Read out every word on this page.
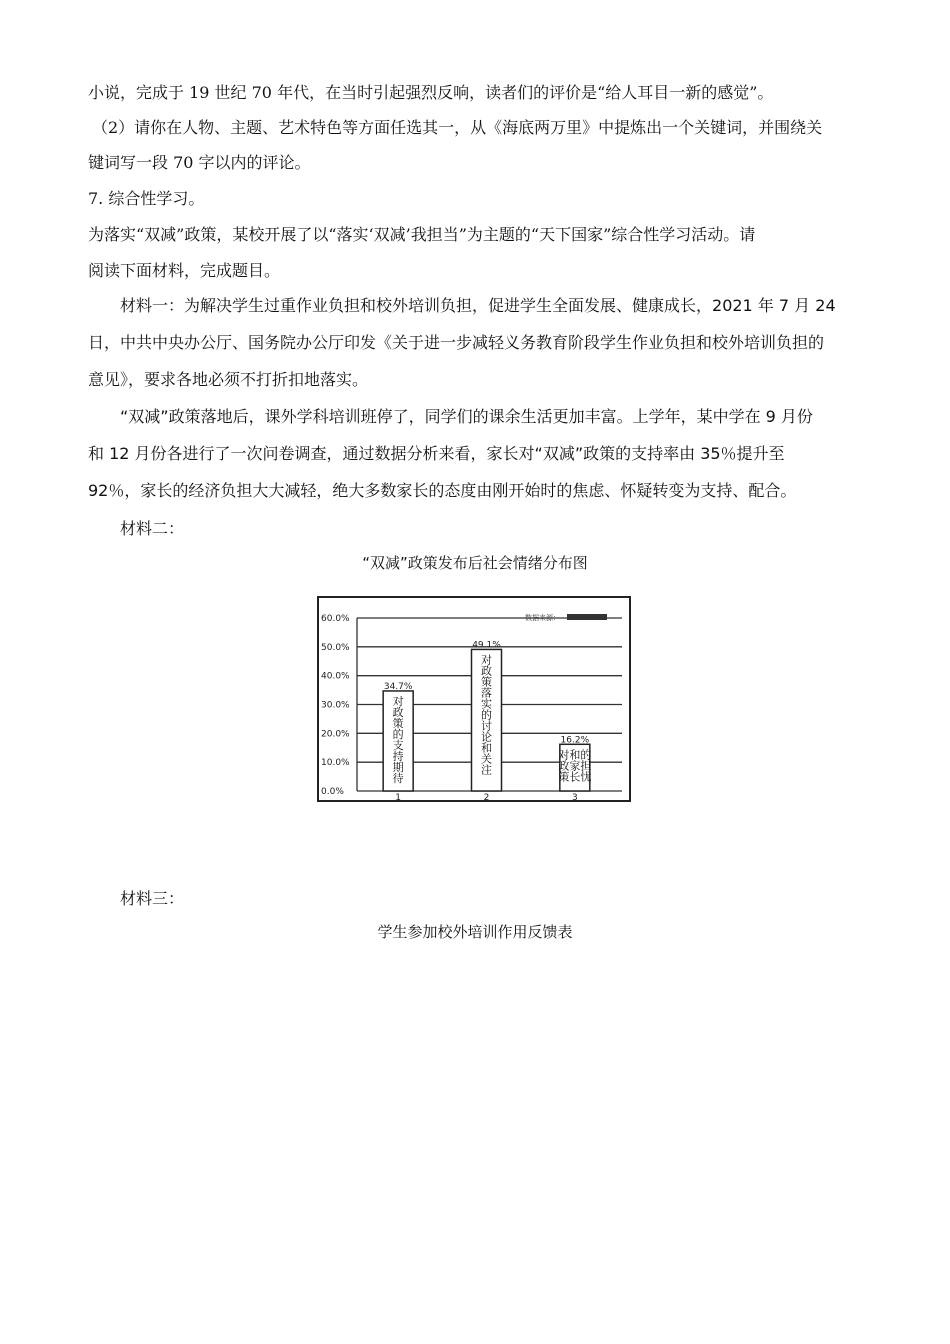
小说，完成于 19 世纪 70 年代，在当时引起强烈反响，读者们的评价是“给人耳目一新的感觉”。
（2）请你在人物、主题、艺术特色等方面任选其一，从《海底两万里》中提炼出一个关键词，并围绕关
键词写一段 70 字以内的评论。
7. 综合性学习。
为落实“双减”政策，某校开展了以“落实‘双减’我担当”为主题的“天下国家”综合性学习活动。请
阅读下面材料，完成题目。
材料一：为解决学生过重作业负担和校外培训负担，促进学生全面发展、健康成长，2021 年 7 月 24
日，中共中央办公厅、国务院办公厅印发《关于进一步减轻义务教育阶段学生作业负担和校外培训负担的
意见》，要求各地必须不打折扣地落实。
“双减”政策落地后，课外学科培训班停了，同学们的课余生活更加丰富。上学年，某中学在 9 月份
和 12 月份各进行了一次问卷调查，通过数据分析来看，家长对“双减”政策的支持率由 35％提升至
92％，家长的经济负担大大减轻，绝大多数家长的态度由刚开始时的焦虑、怀疑转变为支持、配合。
材料二：
“双减”政策发布后社会情绪分布图
0.0%
10.0%
20.0%
30.0%
40.0%
50.0%
60.0%	数据来源：
34.7%
1
对
政
策
的
支
持
期
待
49.1%
2
对
政
策
落
实
的
讨
论
和
关
注
16.2%
3
对
政
策
和
家
长
的
担
忧
材料三：
学生参加校外培训作用反馈表
